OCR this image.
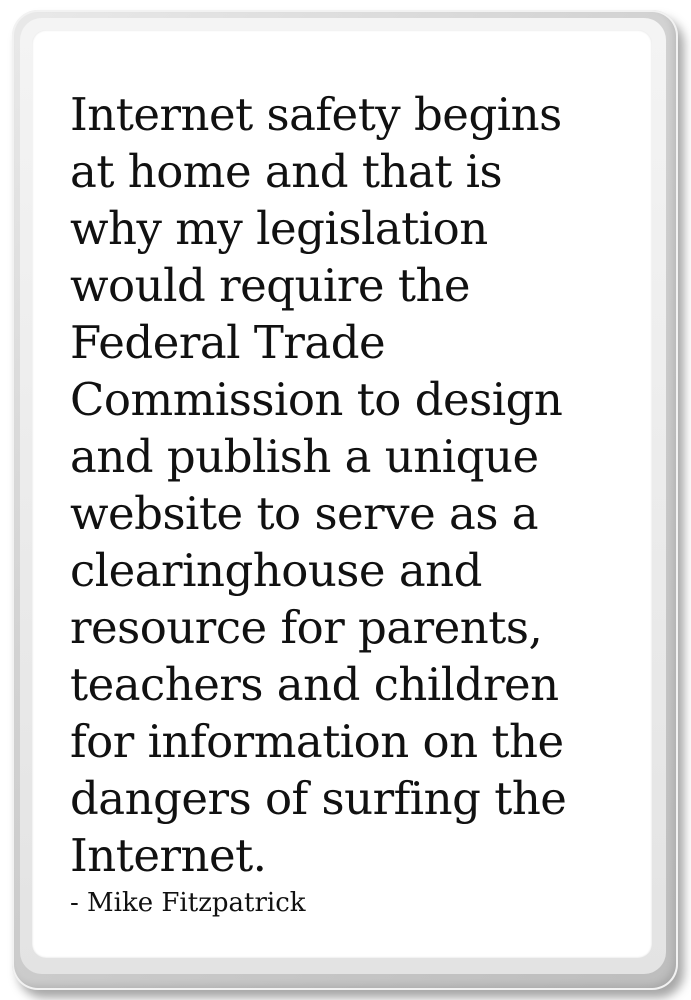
Internet safety begins
at home and that is
why my legislation
would require the
Federal Trade
Commission to design
and publish a unique
website to serve as a
clearinghouse and
resource for parents,
teachers and children
for information on the
dangers of surfing the
Internet.

- Mike Fitzpatrick
